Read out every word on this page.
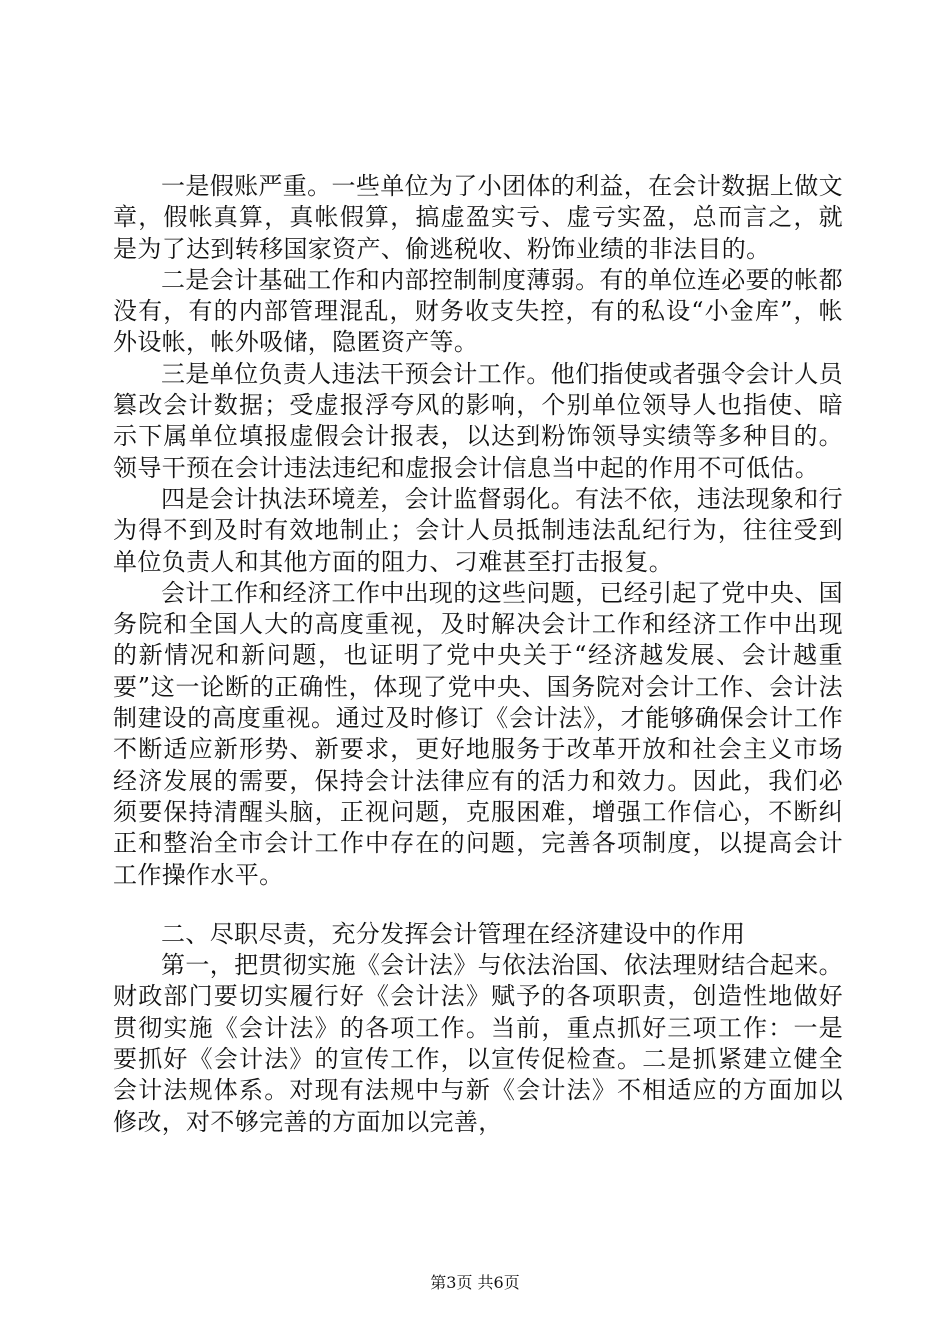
一是假账严重。一些单位为了小团体的利益，在会计数据上做文章，假帐真算，真帐假算，搞虚盈实亏、虚亏实盈，总而言之，就是为了达到转移国家资产、偷逃税收、粉饰业绩的非法目的。

二是会计基础工作和内部控制制度薄弱。有的单位连必要的帐都没有，有的内部管理混乱，财务收支失控，有的私设“小金库”，帐外设帐，帐外吸储，隐匿资产等。

三是单位负责人违法干预会计工作。他们指使或者强令会计人员篡改会计数据；受虚报浮夸风的影响，个别单位领导人也指使、暗示下属单位填报虚假会计报表，以达到粉饰领导实绩等多种目的。领导干预在会计违法违纪和虚报会计信息当中起的作用不可低估。

四是会计执法环境差，会计监督弱化。有法不依，违法现象和行为得不到及时有效地制止；会计人员抵制违法乱纪行为，往往受到单位负责人和其他方面的阻力、刁难甚至打击报复。

会计工作和经济工作中出现的这些问题，已经引起了党中央、国务院和全国人大的高度重视，及时解决会计工作和经济工作中出现的新情况和新问题，也证明了党中央关于“经济越发展、会计越重要”这一论断的正确性，体现了党中央、国务院对会计工作、会计法制建设的高度重视。通过及时修订《会计法》，才能够确保会计工作不断适应新形势、新要求，更好地服务于改革开放和社会主义市场经济发展的需要，保持会计法律应有的活力和效力。因此，我们必须要保持清醒头脑，正视问题，克服困难，增强工作信心，不断纠正和整治全市会计工作中存在的问题，完善各项制度，以提高会计工作操作水平。

二、尽职尽责，充分发挥会计管理在经济建设中的作用

第一，把贯彻实施《会计法》与依法治国、依法理财结合起来。财政部门要切实履行好《会计法》赋予的各项职责，创造性地做好贯彻实施《会计法》的各项工作。当前，重点抓好三项工作：一是要抓好《会计法》的宣传工作，以宣传促检查。二是抓紧建立健全会计法规体系。对现有法规中与新《会计法》不相适应的方面加以修改，对不够完善的方面加以完善，

第3页 共6页
